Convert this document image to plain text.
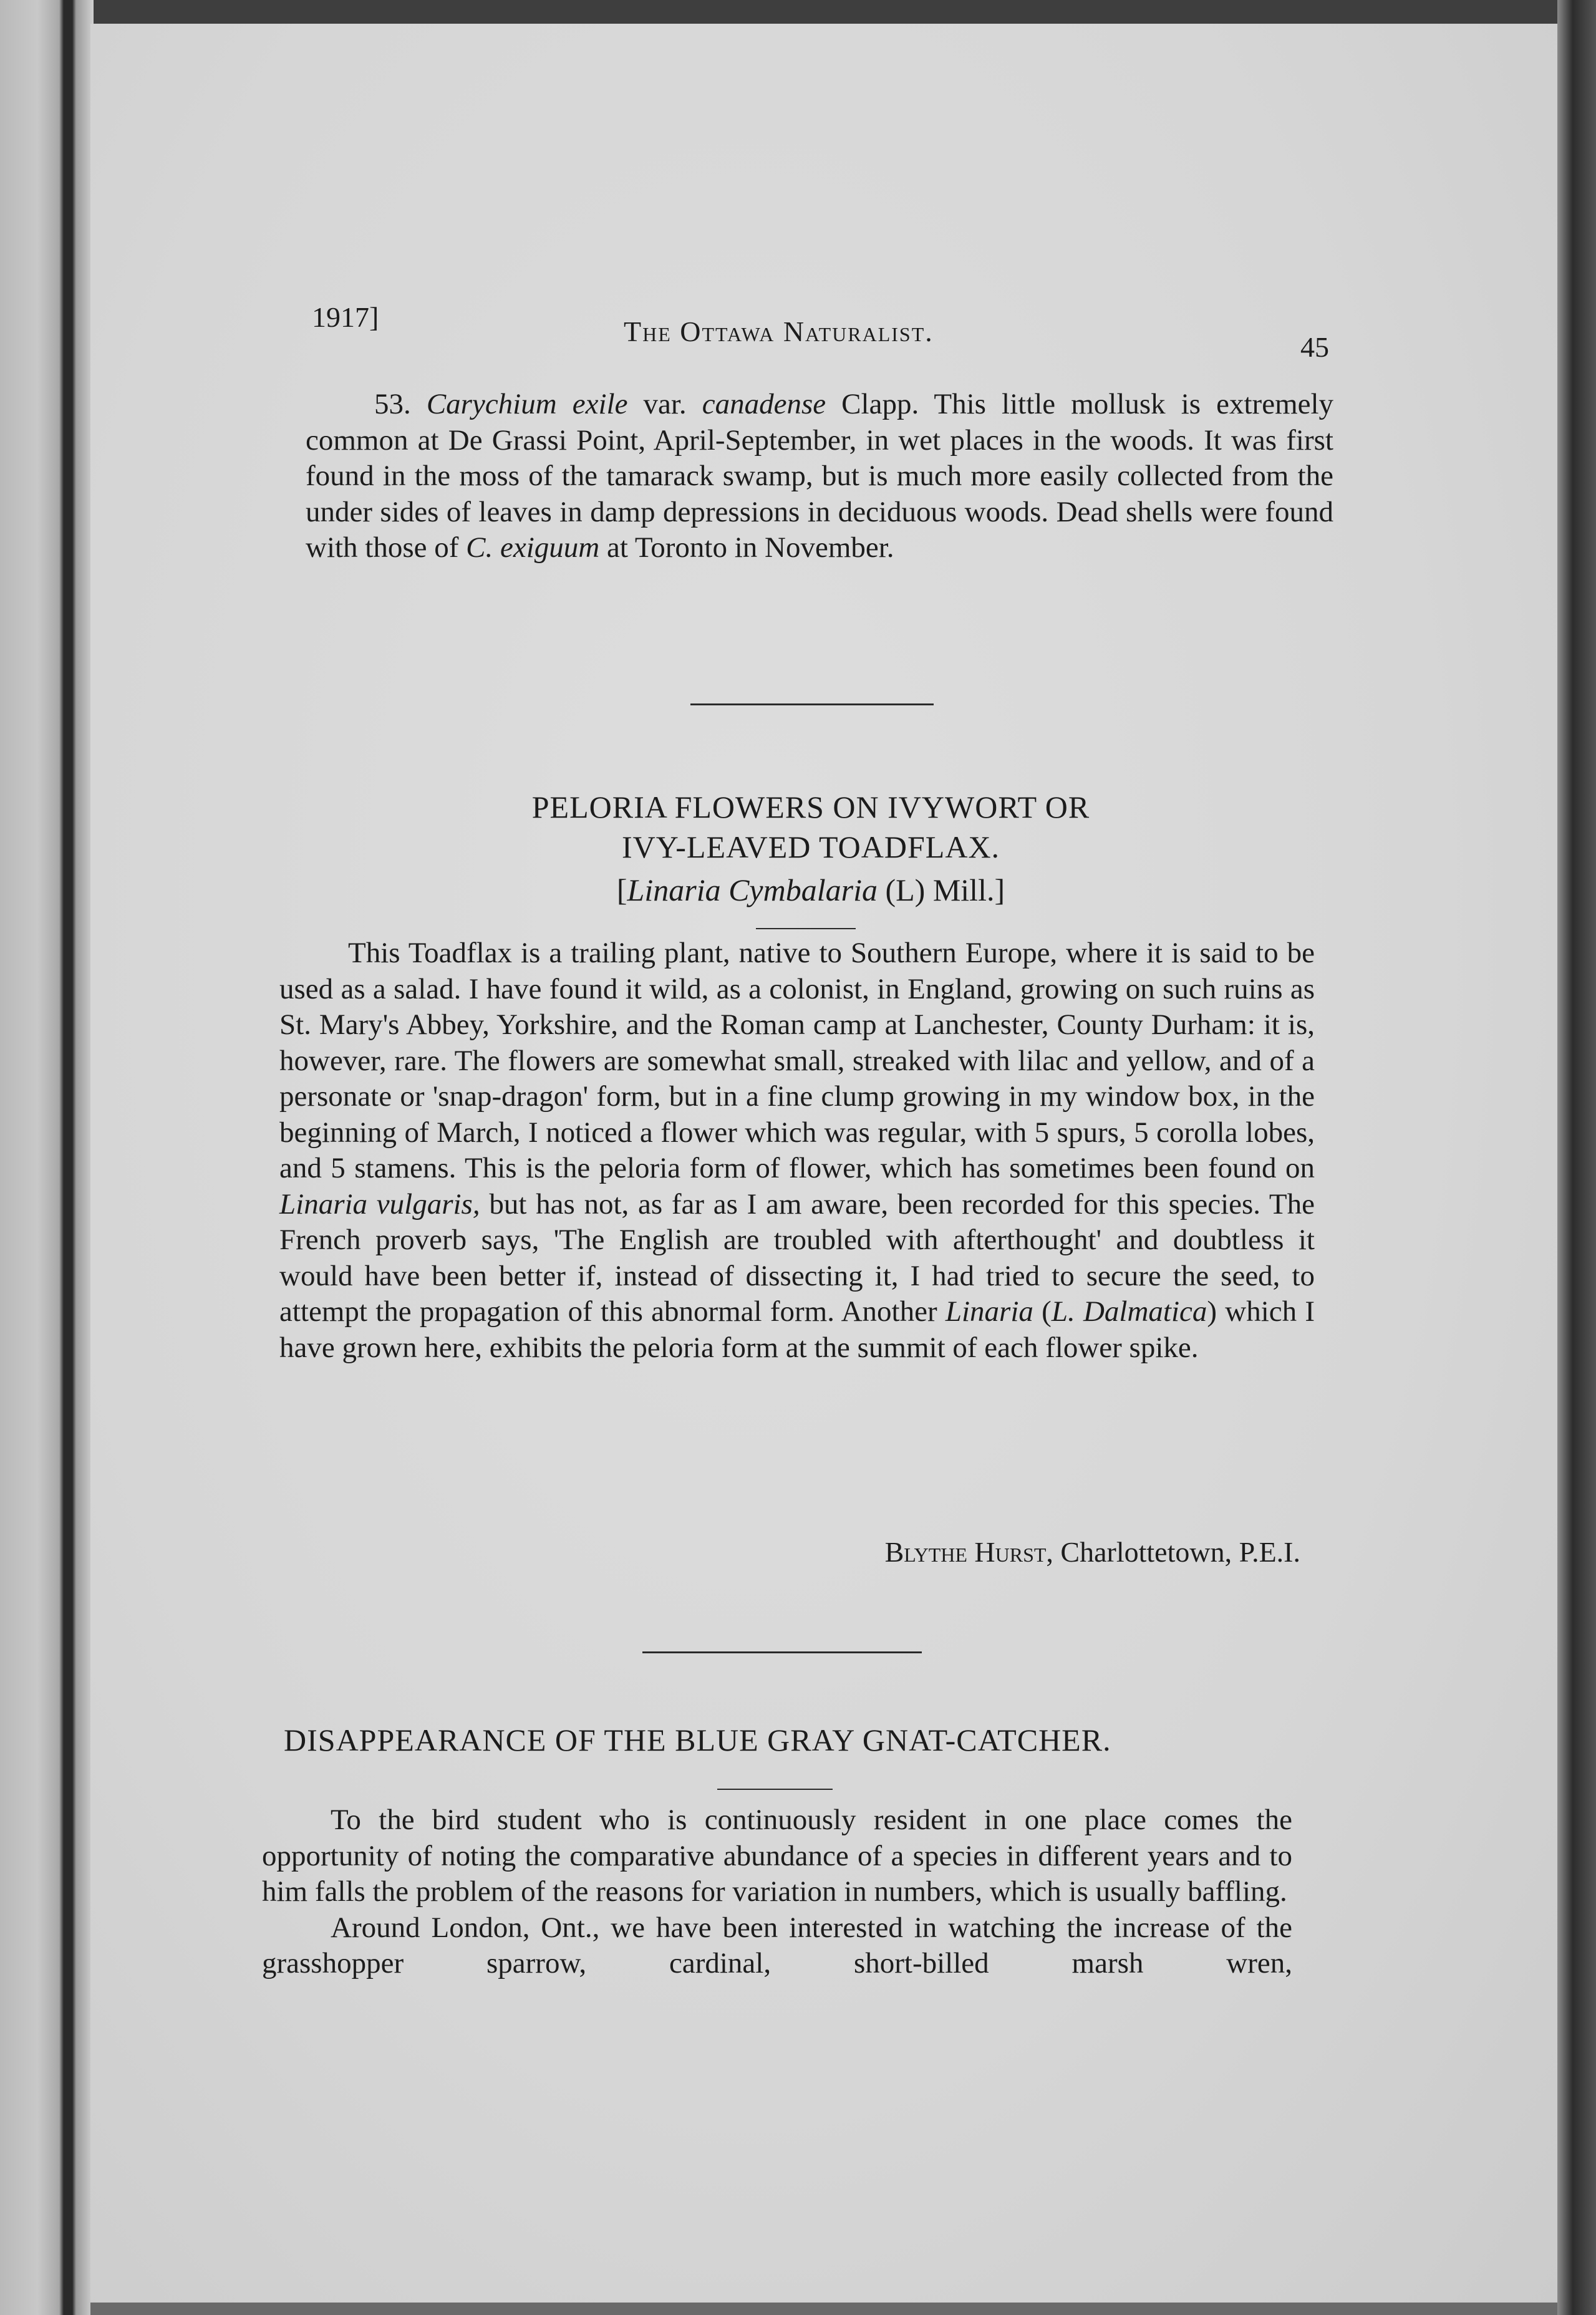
1917]	The Ottawa Naturalist.	45

53. Carychium exile var. canadense Clapp. This little mollusk is extremely common at De Grassi Point, April-September, in wet places in the woods. It was first found in the moss of the tamarack swamp, but is much more easily collected from the under sides of leaves in damp depressions in deciduous woods. Dead shells were found with those of C. exiguum at Toronto in November.

PELORIA FLOWERS ON IVYWORT OR
IVY-LEAVED TOADFLAX.
[Linaria Cymbalaria (L) Mill.]

This Toadflax is a trailing plant, native to Southern Europe, where it is said to be used as a salad. I have found it wild, as a colonist, in England, growing on such ruins as St. Mary's Abbey, Yorkshire, and the Roman camp at Lanchester, County Durham: it is, however, rare. The flowers are somewhat small, streaked with lilac and yellow, and of a personate or 'snap-dragon' form, but in a fine clump growing in my window box, in the beginning of March, I noticed a flower which was regular, with 5 spurs, 5 corolla lobes, and 5 stamens. This is the peloria form of flower, which has sometimes been found on Linaria vulgaris, but has not, as far as I am aware, been recorded for this species. The French proverb says, 'The English are troubled with afterthought' and doubtless it would have been better if, instead of dissecting it, I had tried to secure the seed, to attempt the propagation of this abnormal form. Another Linaria (L. Dalmatica) which I have grown here, exhibits the peloria form at the summit of each flower spike.

Blythe Hurst, Charlottetown, P.E.I.
DISAPPEARANCE OF THE BLUE GRAY GNAT-CATCHER.

To the bird student who is continuously resident in one place comes the opportunity of noting the comparative abundance of a species in different years and to him falls the problem of the reasons for variation in numbers, which is usually baffling.

Around London, Ont., we have been interested in watching the increase of the grasshopper sparrow, cardinal, short-billed marsh wren,
